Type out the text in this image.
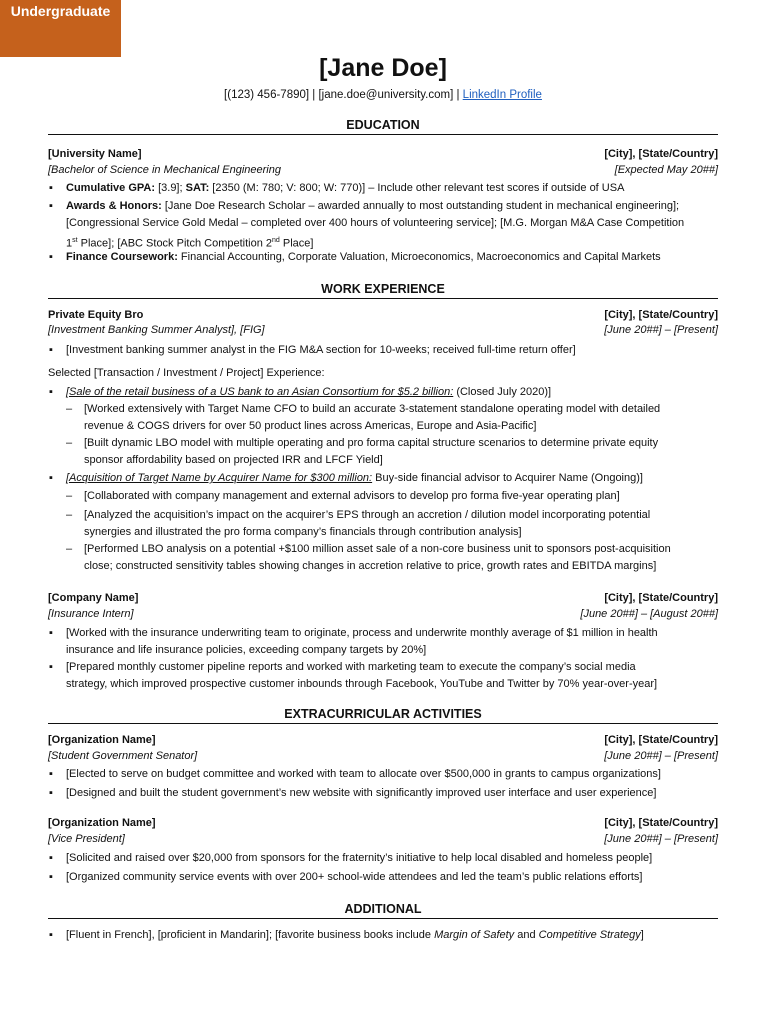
Undergraduate
[Jane Doe]
[(123) 456-7890] | [jane.doe@university.com] | LinkedIn Profile
EDUCATION
[University Name]	[City], [State/Country]
[Bachelor of Science in Mechanical Engineering	[Expected May 20##]
▪ Cumulative GPA: [3.9]; SAT: [2350 (M: 780; V: 800; W: 770)] – Include other relevant test scores if outside of USA
▪ Awards & Honors: [Jane Doe Research Scholar – awarded annually to most outstanding student in mechanical engineering];
[Congressional Service Gold Medal – completed over 400 hours of volunteering service]; [M.G. Morgan M&A Case Competition
1st Place]; [ABC Stock Pitch Competition 2nd Place]
▪ Finance Coursework: Financial Accounting, Corporate Valuation, Microeconomics, Macroeconomics and Capital Markets
WORK EXPERIENCE
Private Equity Bro	[City], [State/Country]
[Investment Banking Summer Analyst], [FIG]	[June 20##] – [Present]
▪ [Investment banking summer analyst in the FIG M&A section for 10-weeks; received full-time return offer]
Selected [Transaction / Investment / Project] Experience:
▪ [Sale of the retail business of a US bank to an Asian Consortium for $5.2 billion: (Closed July 2020)]
– [Worked extensively with Target Name CFO to build an accurate 3-statement standalone operating model with detailed
revenue & COGS drivers for over 50 product lines across Americas, Europe and Asia-Pacific]
– [Built dynamic LBO model with multiple operating and pro forma capital structure scenarios to determine private equity
sponsor affordability based on projected IRR and LFCF Yield]
▪ [Acquisition of Target Name by Acquirer Name for $300 million: Buy-side financial advisor to Acquirer Name (Ongoing)]
– [Collaborated with company management and external advisors to develop pro forma five-year operating plan]
– [Analyzed the acquisition’s impact on the acquirer’s EPS through an accretion / dilution model incorporating potential
synergies and illustrated the pro forma company’s financials through contribution analysis]
– [Performed LBO analysis on a potential +$100 million asset sale of a non-core business unit to sponsors post-acquisition
close; constructed sensitivity tables showing changes in accretion relative to price, growth rates and EBITDA margins]
[Company Name]	[City], [State/Country]
[Insurance Intern]	[June 20##] – [August 20##]
▪ [Worked with the insurance underwriting team to originate, process and underwrite monthly average of $1 million in health
insurance and life insurance policies, exceeding company targets by 20%]
▪ [Prepared monthly customer pipeline reports and worked with marketing team to execute the company’s social media
strategy, which improved prospective customer inbounds through Facebook, YouTube and Twitter by 70% year-over-year]
EXTRACURRICULAR ACTIVITIES
[Organization Name]	[City], [State/Country]
[Student Government Senator]	[June 20##] – [Present]
▪ [Elected to serve on budget committee and worked with team to allocate over $500,000 in grants to campus organizations]
▪ [Designed and built the student government’s new website with significantly improved user interface and user experience]
[Organization Name]	[City], [State/Country]
[Vice President]	[June 20##] – [Present]
▪ [Solicited and raised over $20,000 from sponsors for the fraternity’s initiative to help local disabled and homeless people]
▪ [Organized community service events with over 200+ school-wide attendees and led the team’s public relations efforts]
ADDITIONAL
▪ [Fluent in French], [proficient in Mandarin]; [favorite business books include Margin of Safety and Competitive Strategy]
